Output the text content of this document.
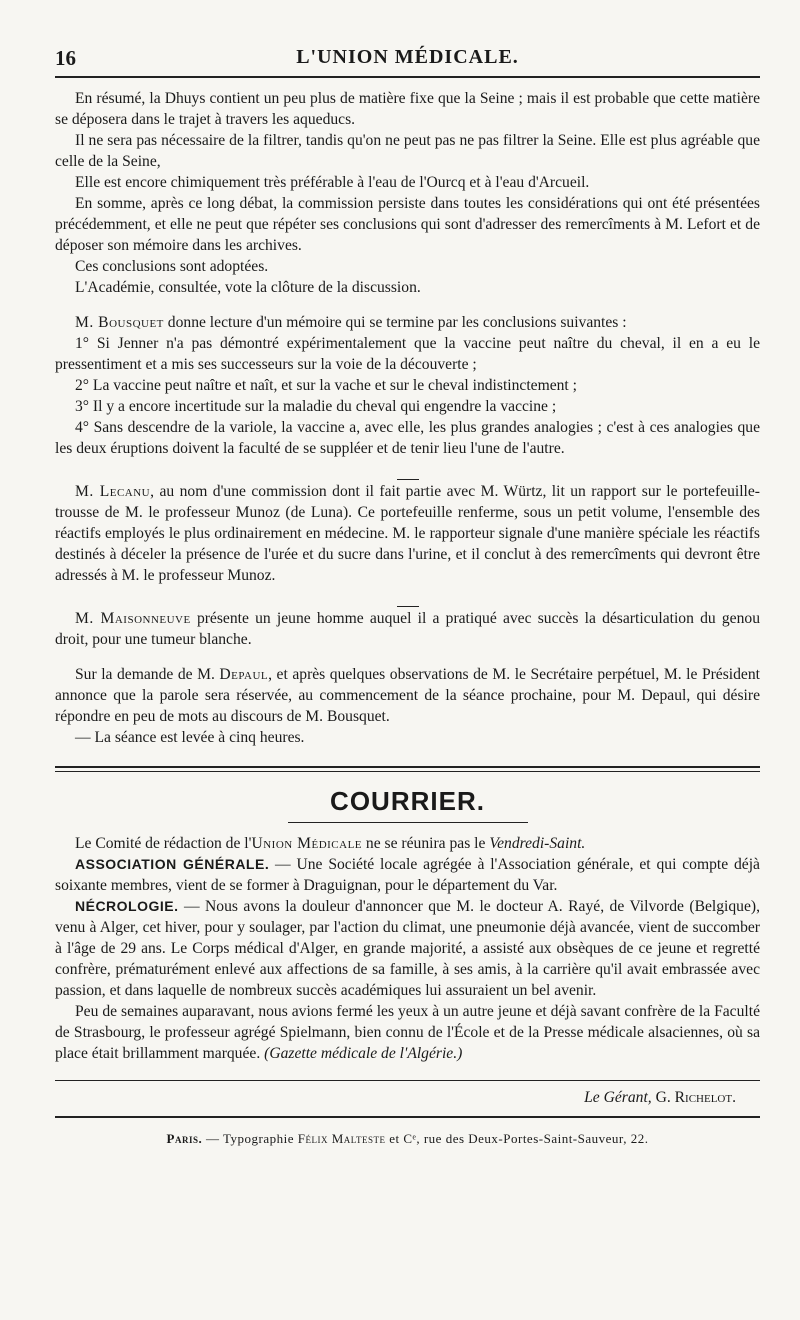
16	L'UNION MÉDICALE.

En résumé, la Dhuys contient un peu plus de matière fixe que la Seine ; mais il est probable que cette matière se déposera dans le trajet à travers les aqueducs.

Il ne sera pas nécessaire de la filtrer, tandis qu'on ne peut pas ne pas filtrer la Seine. Elle est plus agréable que celle de la Seine,

Elle est encore chimiquement très préférable à l'eau de l'Ourcq et à l'eau d'Arcueil.

En somme, après ce long débat, la commission persiste dans toutes les considérations qui ont été présentées précédemment, et elle ne peut que répéter ses conclusions qui sont d'adresser des remercîments à M. Lefort et de déposer son mémoire dans les archives.

Ces conclusions sont adoptées.

L'Académie, consultée, vote la clôture de la discussion.

M. Bousquet donne lecture d'un mémoire qui se termine par les conclusions suivantes :

1° Si Jenner n'a pas démontré expérimentalement que la vaccine peut naître du cheval, il en a eu le pressentiment et a mis ses successeurs sur la voie de la découverte ;

2° La vaccine peut naître et naît, et sur la vache et sur le cheval indistinctement ;

3° Il y a encore incertitude sur la maladie du cheval qui engendre la vaccine ;

4° Sans descendre de la variole, la vaccine a, avec elle, les plus grandes analogies ; c'est à ces analogies que les deux éruptions doivent la faculté de se suppléer et de tenir lieu l'une de l'autre.

M. Lecanu, au nom d'une commission dont il fait partie avec M. Würtz, lit un rapport sur le portefeuille-trousse de M. le professeur Munoz (de Luna). Ce portefeuille renferme, sous un petit volume, l'ensemble des réactifs employés le plus ordinairement en médecine. M. le rapporteur signale d'une manière spéciale les réactifs destinés à déceler la présence de l'urée et du sucre dans l'urine, et il conclut à des remercîments qui devront être adressés à M. le professeur Munoz.

M. Maisonneuve présente un jeune homme auquel il a pratiqué avec succès la désarticulation du genou droit, pour une tumeur blanche.

Sur la demande de M. Depaul, et après quelques observations de M. le Secrétaire perpétuel, M. le Président annonce que la parole sera réservée, au commencement de la séance prochaine, pour M. Depaul, qui désire répondre en peu de mots au discours de M. Bousquet.

— La séance est levée à cinq heures.

COURRIER.

Le Comité de rédaction de l'Union Médicale ne se réunira pas le Vendredi-Saint.

ASSOCIATION GÉNÉRALE. — Une Société locale agrégée à l'Association générale, et qui compte déjà soixante membres, vient de se former à Draguignan, pour le département du Var.

NÉCROLOGIE. — Nous avons la douleur d'annoncer que M. le docteur A. Rayé, de Vilvorde (Belgique), venu à Alger, cet hiver, pour y soulager, par l'action du climat, une pneumonie déjà avancée, vient de succomber à l'âge de 29 ans. Le Corps médical d'Alger, en grande majorité, a assisté aux obsèques de ce jeune et regretté confrère, prématurément enlevé aux affections de sa famille, à ses amis, à la carrière qu'il avait embrassée avec passion, et dans laquelle de nombreux succès académiques lui assuraient un bel avenir.

Peu de semaines auparavant, nous avions fermé les yeux à un autre jeune et déjà savant confrère de la Faculté de Strasbourg, le professeur agrégé Spielmann, bien connu de l'École et de la Presse médicale alsaciennes, où sa place était brillamment marquée. (Gazette médicale de l'Algérie.)

Le Gérant, G. Richelot.
Paris. — Typographie Félix Malteste et Cᵉ, rue des Deux-Portes-Saint-Sauveur, 22.
